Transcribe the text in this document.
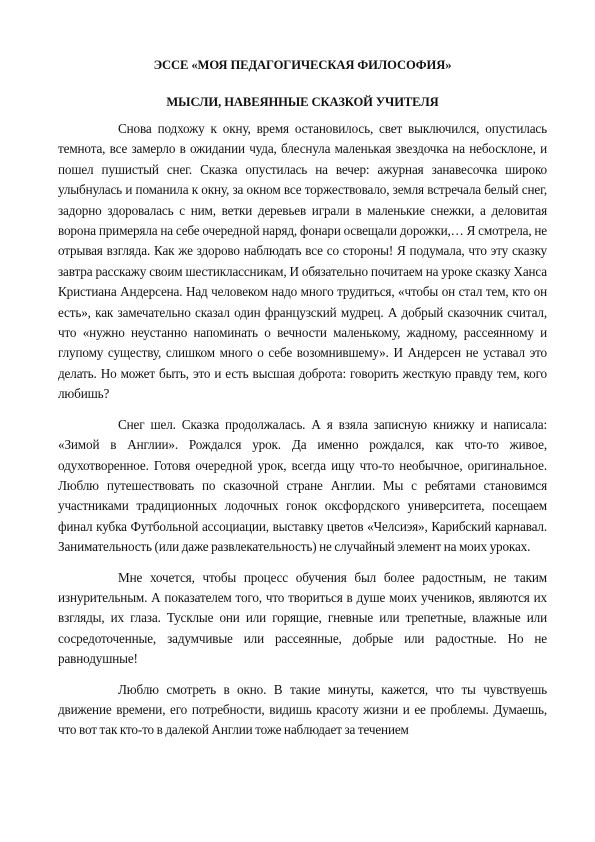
ЭССЕ «МОЯ ПЕДАГОГИЧЕСКАЯ ФИЛОСОФИЯ»
МЫСЛИ, НАВЕЯННЫЕ СКАЗКОЙ УЧИТЕЛЯ

Снова подхожу к окну, время остановилось, свет выключился, опустилась темнота, все замерло в ожидании чуда, блеснула маленькая звездочка на небосклоне, и пошел пушистый снег. Сказка опустилась на вечер: ажурная занавесочка широко улыбнулась и поманила к окну, за окном все торжествовало, земля встречала белый снег, задорно здоровалась с ним, ветки деревьев играли в маленькие снежки, а деловитая ворона примеряла на себе очередной наряд, фонари освещали дорожки,… Я смотрела, не отрывая взгляда. Как же здорово наблюдать все со стороны! Я подумала, что эту сказку завтра расскажу своим шестиклассникам, И обязательно почитаем на уроке сказку Ханса Кристиана Андерсена. Над человеком надо много трудиться, «чтобы он стал тем, кто он есть», как замечательно сказал один французский мудрец. А добрый сказочник считал, что «нужно неустанно напоминать о вечности маленькому, жадному, рассеянному и глупому существу, слишком много о себе возомнившему». И Андерсен не уставал это делать. Но может быть, это и есть высшая доброта: говорить жесткую правду тем, кого любишь?

Снег шел. Сказка продолжалась. А я взяла записную книжку и написала: «Зимой в Англии». Рождался урок. Да именно рождался, как что-то живое, одухотворенное. Готовя очередной урок, всегда ищу что-то необычное, оригинальное. Люблю путешествовать по сказочной стране Англии. Мы с ребятами становимся участниками традиционных лодочных гонок оксфордского университета, посещаем финал кубка Футбольной ассоциации, выставку цветов «Челсиэя», Карибский карнавал. Занимательность (или даже развлекательность) не случайный элемент на моих уроках.

Мне хочется, чтобы процесс обучения был более радостным, не таким изнурительным. А показателем того, что твориться в душе моих учеников, являются их взгляды, их глаза. Тусклые они или горящие, гневные или трепетные, влажные или сосредоточенные, задумчивые или рассеянные, добрые или радостные. Но не равнодушные!

Люблю смотреть в окно. В такие минуты, кажется, что ты чувствуешь движение времени, его потребности, видишь красоту жизни и ее проблемы. Думаешь, что вот так кто-то в далекой Англии тоже наблюдает за течением
